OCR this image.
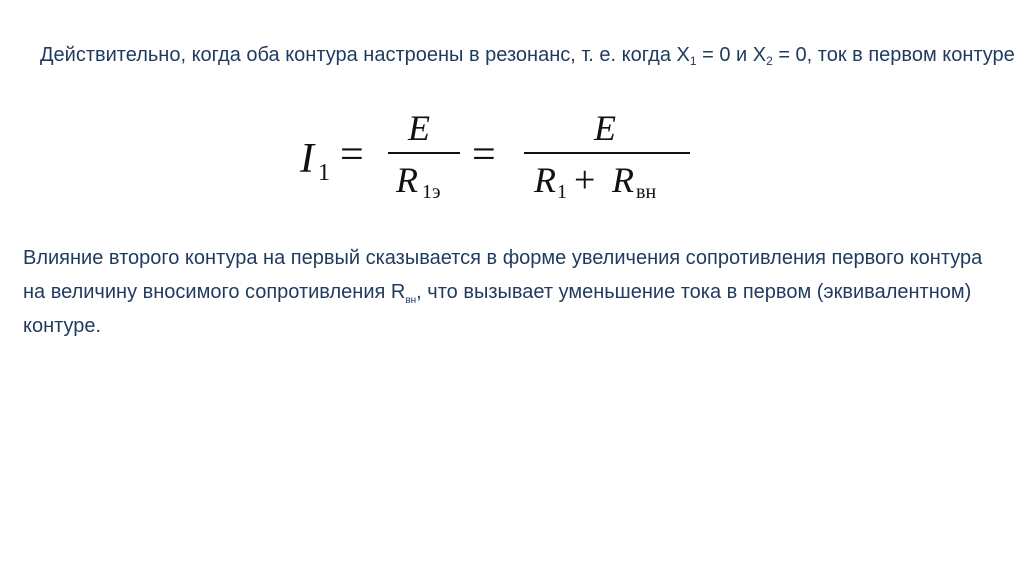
Действительно, когда оба контура настроены в резонанс, т. е. когда $X_1 = 0$ и $X_2 = 0$, ток в первом контуре
I 1 =
E
R 1э
=
E
R 1 + R вн
Влияние второго контура на первый сказывается в форме увеличения сопротивления первого контура на величину вносимого сопротивления $R_{вн}$, что вызывает уменьшение тока в первом (эквивалентном) контуре.
